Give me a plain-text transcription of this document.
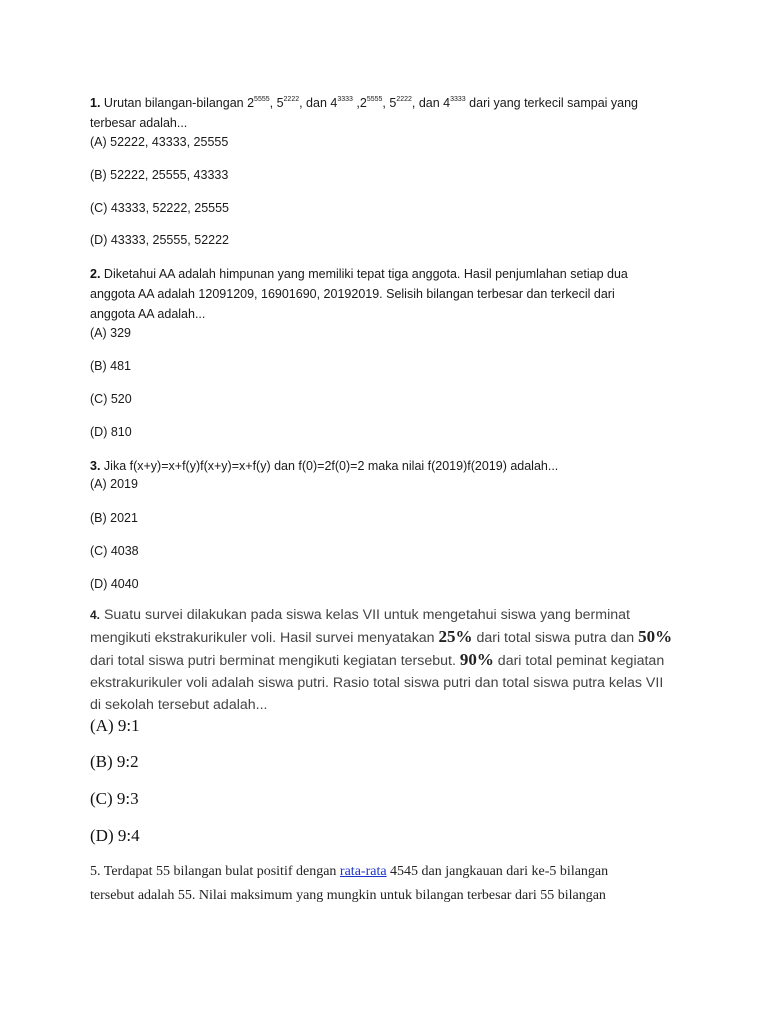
1. Urutan bilangan-bilangan $2^{5555}$, $5^{2222}$, dan $4^{3333}$ $,2^{5555}$, $5^{2222}$, dan $4^{3333}$ dari yang terkecil sampai yang
terbesar adalah...
(A) 52222, 43333, 25555
(B) 52222, 25555, 43333
(C) 43333, 52222, 25555
(D) 43333, 25555, 52222
2. Diketahui AA adalah himpunan yang memiliki tepat tiga anggota. Hasil penjumlahan setiap dua
anggota AA adalah 12091209, 16901690, 20192019. Selisih bilangan terbesar dan terkecil dari
anggota AA adalah...
(A) 329
(B) 481
(C) 520
(D) 810
3. Jika f(x+y)=x+f(y)f(x+y)=x+f(y) dan f(0)=2f(0)=2 maka nilai f(2019)f(2019) adalah...
(A) 2019
(B) 2021
(C) 4038
(D) 4040
4. Suatu survei dilakukan pada siswa kelas VII untuk mengetahui siswa yang berminat
mengikuti ekstrakurikuler voli. Hasil survei menyatakan 25% dari total siswa putra dan 50%
dari total siswa putri berminat mengikuti kegiatan tersebut. 90% dari total peminat kegiatan
ekstrakurikuler voli adalah siswa putri. Rasio total siswa putri dan total siswa putra kelas VII
di sekolah tersebut adalah...
(A) 9:1
(B) 9:2
(C) 9:3
(D) 9:4
5. Terdapat 55 bilangan bulat positif dengan rata-rata 4545 dan jangkauan dari ke-5 bilangan
tersebut adalah 55. Nilai maksimum yang mungkin untuk bilangan terbesar dari 55 bilangan
